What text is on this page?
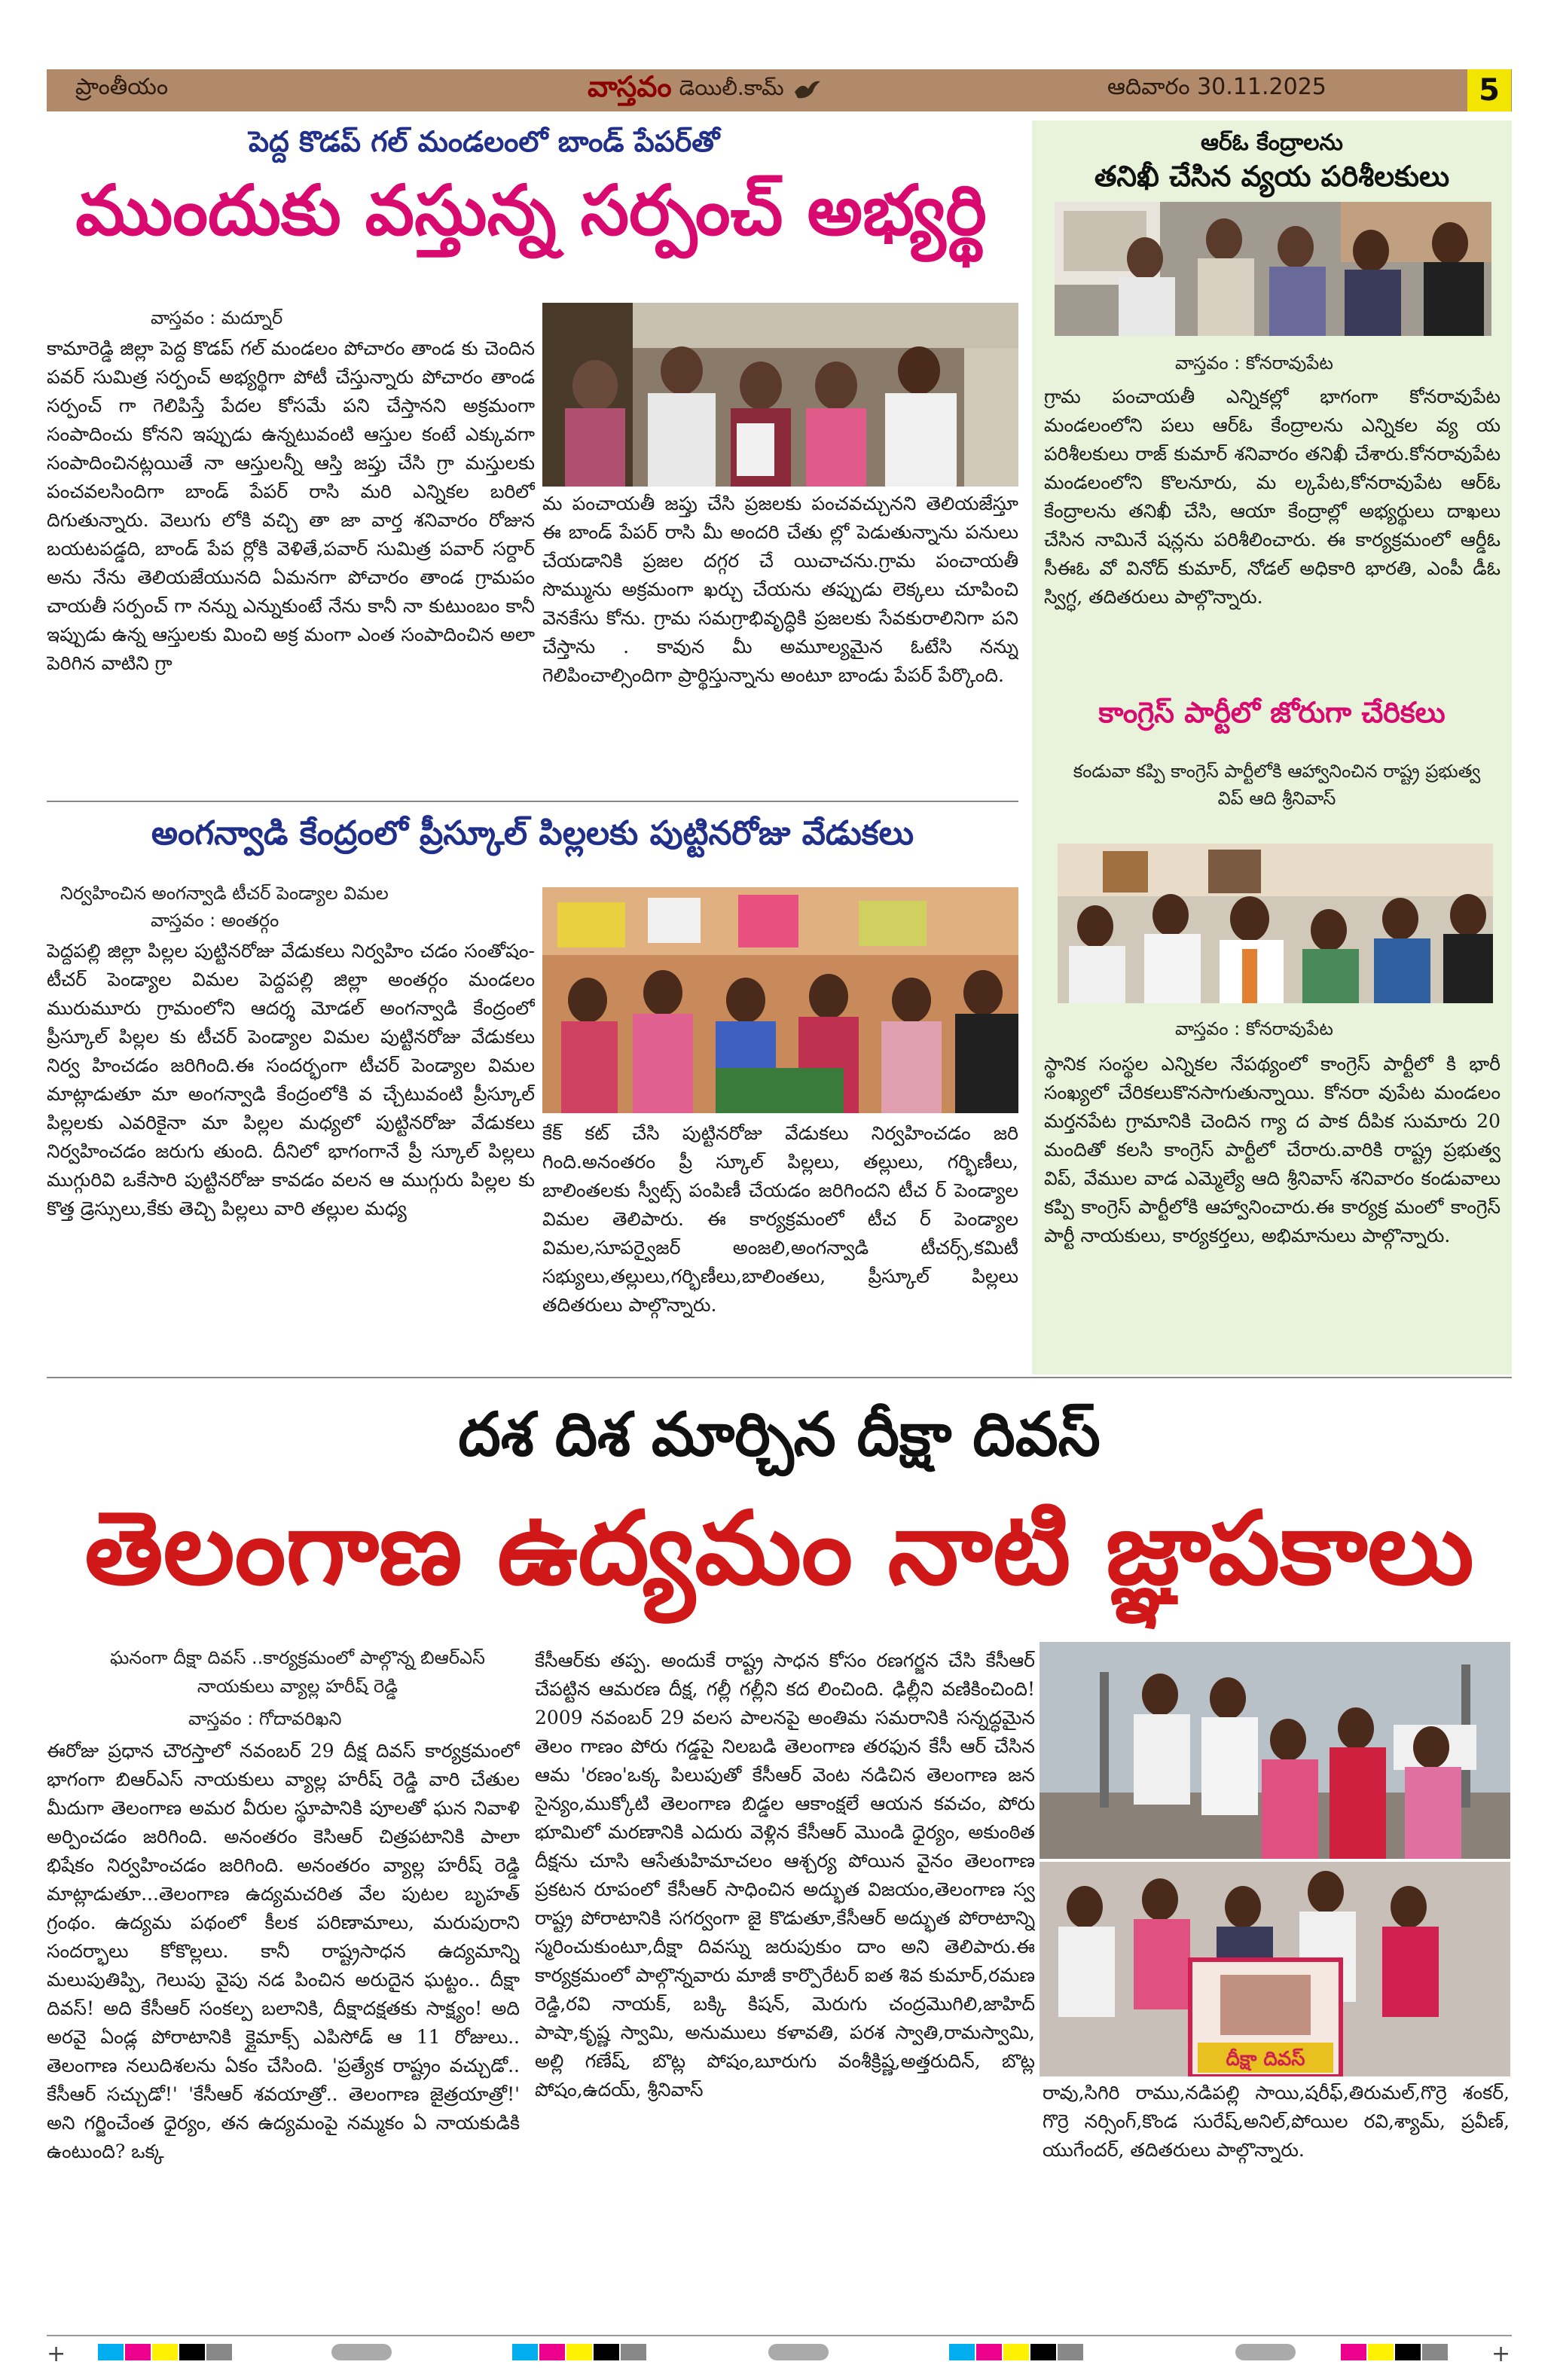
ప్రాంతీయం	వాస్తవం డెయిలీ.కామ్	ఆదివారం 30.11.2025	5
పెద్ద కొడప్ గల్ మండలంలో బాండ్ పేపర్‌తో
ముందుకు వస్తున్న సర్పంచ్ అభ్యర్థి
వాస్తవం : మద్నూర్
కామారెడ్డి జిల్లా పెద్ద కొడప్ గల్ మండలం పోచారం తాండ కు చెందిన పవర్ సుమిత్ర సర్పంచ్ అభ్యర్థిగా పోటీ చేస్తున్నారు పోచారం తాండ సర్పంచ్ గా గెలిపిస్తే పేదల కోసమే పని చేస్తానని అక్రమంగా సంపాదించు కోనని ఇప్పుడు ఉన్నటువంటి ఆస్తుల కంటే ఎక్కువగా సంపాదించినట్లయితే నా ఆస్తులన్నీ ఆస్తి జప్తు చేసి గ్రా మస్తులకు పంచవలసిందిగా బాండ్ పేపర్ రాసి మరి ఎన్నికల బరిలో దిగుతున్నారు. వెలుగు లోకి వచ్చి తా జా వార్త శనివారం రోజున బయటపడ్డది, బాండ్ పేప ర్లోకి వెళితే,పవార్ సుమిత్ర పవార్ సర్దార్ అను నేను తెలియజేయునది ఏమనగా పోచారం తాండ గ్రామపం చాయతీ సర్పంచ్ గా నన్ను ఎన్నుకుంటే నేను కానీ నా కుటుంబం కానీ ఇప్పుడు ఉన్న ఆస్తులకు మించి అక్ర మంగా ఎంత సంపాదించిన అలా పెరిగిన వాటిని గ్రా
మ పంచాయతీ జప్తు చేసి ప్రజలకు పంచవచ్చునని తెలియజేస్తూ ఈ బాండ్ పేపర్ రాసి మీ అందరి చేతు ల్లో పెడుతున్నాను పనులు చేయడానికి ప్రజల దగ్గర చే యిచాచను.గ్రామ పంచాయతీ సొమ్మును అక్రమంగా ఖర్చు చేయను తప్పుడు లెక్కలు చూపించి వెనకేసు కోను. గ్రామ సమగ్రాభివృద్ధికి ప్రజలకు సేవకురాలినిగా పని చేస్తాను . కావున మీ అమూల్యమైన ఓటేసి నన్ను గెలిపించాల్సిందిగా ప్రార్థిస్తున్నాను అంటూ బాండు పేపర్ పేర్కొంది.
అంగన్వాడి కేంద్రంలో ప్రీస్కూల్ పిల్లలకు పుట్టినరోజు వేడుకలు
నిర్వహించిన అంగన్వాడి టీచర్ పెండ్యాల విమల
వాస్తవం : అంతర్గం
పెద్దపల్లి జిల్లా పిల్లల పుట్టినరోజు వేడుకలు నిర్వహిం చడం సంతోషం- టీచర్ పెండ్యాల విమల పెద్దపల్లి జిల్లా అంతర్గం మండలం మురుమూరు గ్రామంలోని ఆదర్శ మోడల్ అంగన్వాడి కేంద్రంలో ప్రీస్కూల్ పిల్లల కు టీచర్ పెండ్యాల విమల పుట్టినరోజు వేడుకలు నిర్వ హించడం జరిగింది.ఈ సందర్భంగా టీచర్ పెండ్యాల విమల మాట్లాడుతూ మా అంగన్వాడి కేంద్రంలోకి వ చ్చేటువంటి ప్రీస్కూల్ పిల్లలకు ఎవరికైనా మా పిల్లల మధ్యలో పుట్టినరోజు వేడుకలు నిర్వహించడం జరుగు తుంది. దీనిలో భాగంగానే ప్రీ స్కూల్ పిల్లలు ముగ్గురివి ఒకేసారి పుట్టినరోజు కావడం వలన ఆ ముగ్గురు పిల్లల కు కొత్త డ్రెస్సులు,కేకు తెచ్చి పిల్లలు వారి తల్లుల మధ్య
కేక్ కట్ చేసి పుట్టినరోజు వేడుకలు నిర్వహించడం జరి గింది.అనంతరం ప్రీ స్కూల్ పిల్లలు, తల్లులు, గర్భిణీలు, బాలింతలకు స్వీట్స్ పంపిణీ చేయడం జరిగిందని టీచ ర్ పెండ్యాల విమల తెలిపారు. ఈ కార్యక్రమంలో టీచ ర్ పెండ్యాల విమల,సూపర్వైజర్ అంజలి,అంగన్వాడి టీచర్స్,కమిటీ సభ్యులు,తల్లులు,గర్భిణీలు,బాలింతలు, ప్రీస్కూల్ పిల్లలు తదితరులు పాల్గొన్నారు.
ఆర్ఓ కేంద్రాలను
తనిఖీ చేసిన వ్యయ పరిశీలకులు
వాస్తవం : కోనరావుపేట
గ్రామ పంచాయతీ ఎన్నికల్లో భాగంగా కోనరావుపేట మండలంలోని పలు ఆర్ఓ కేంద్రాలను ఎన్నికల వ్య య పరిశీలకులు రాజ్ కుమార్ శనివారం తనిఖీ చేశారు.కోనరావుపేట మండలంలోని కొలనూరు, మ ల్కపేట,కోనరావుపేట ఆర్ఓ కేంద్రాలను తనిఖీ చేసి, ఆయా కేంద్రాల్లో అభ్యర్థులు దాఖలు చేసిన నామినే షన్లను పరిశీలించారు. ఈ కార్యక్రమంలో ఆర్డీఓ సీఈఓ వో వినోద్ కుమార్, నోడల్ అధికారి భారతి, ఎంపీ డీఓ స్విగ్ధ, తదితరులు పాల్గొన్నారు.
కాంగ్రెస్ పార్టీలో జోరుగా చేరికలు
కండువా కప్పి కాంగ్రెస్ పార్టీలోకి ఆహ్వానించిన రాష్ట్ర ప్రభుత్వ విప్ ఆది శ్రీనివాస్
వాస్తవం : కోనరావుపేట
స్థానిక సంస్థల ఎన్నికల నేపథ్యంలో కాంగ్రెస్ పార్టీలో కి భారీ సంఖ్యలో చేరికలుకొనసాగుతున్నాయి. కోనరా వుపేట మండలం మర్తనపేట గ్రామానికి చెందిన గ్యా ద పాక దీపిక సుమారు 20 మందితో కలసి కాంగ్రెస్ పార్టీలో చేరారు.వారికి రాష్ట్ర ప్రభుత్వ విప్, వేముల వాడ ఎమ్మెల్యే ఆది శ్రీనివాస్ శనివారం కండువాలు కప్పి కాంగ్రెస్ పార్టీలోకి ఆహ్వానించారు.ఈ కార్యక్ర మంలో కాంగ్రెస్ పార్టీ నాయకులు, కార్యకర్తలు, అభిమానులు పాల్గొన్నారు.
దశ దిశ మార్చిన దీక్షా దివస్
తెలంగాణ ఉద్యమం నాటి జ్ఞాపకాలు
ఘనంగా దీక్షా దివస్ ..కార్యక్రమంలో పాల్గొన్న బిఆర్ఎస్ నాయకులు వ్యాల్ల హరీష్ రెడ్డి
వాస్తవం : గోదావరిఖని
ఈరోజు ప్రధాన చౌరస్తాలో నవంబర్ 29 దీక్ష దివస్ కార్యక్రమంలో భాగంగా బిఆర్ఎస్ నాయకులు వ్యాల్ల హరీష్ రెడ్డి వారి చేతుల మీదుగా తెలంగాణ అమర వీరుల స్థూపానికి పూలతో ఘన నివాళి అర్పించడం జరిగింది. అనంతరం కెసిఆర్ చిత్రపటానికి పాలా భిషేకం నిర్వహించడం జరిగింది. అనంతరం వ్యాల్ల హరీష్ రెడ్డి మాట్లాడుతూ...తెలంగాణ ఉద్యమచరిత వేల పుటల బృహత్ గ్రంథం. ఉద్యమ పథంలో కీలక పరిణామాలు, మరుపురాని సందర్భాలు కోకొల్లలు. కానీ రాష్ట్రసాధన ఉద్యమాన్ని మలుపుతిప్పి, గెలుపు వైపు నడ పించిన అరుదైన ఘట్టం.. దీక్షా దివస్! అది కేసీఆర్ సంకల్ప బలానికి, దీక్షాదక్షతకు సాక్ష్యం! అది అరవై ఏండ్ల పోరాటానికి క్లైమాక్స్ ఎపిసోడ్ ఆ 11 రోజులు.. తెలంగాణ నలుదిశలను ఏకం చేసింది. 'ప్రత్యేక రాష్ట్రం వచ్చుడో.. కేసీఆర్ సచ్చుడో!' 'కేసీఆర్ శవయాత్రో.. తెలంగాణ జైత్రయాత్రో!' అని గర్జించేంత ధైర్యం, తన ఉద్యమంపై నమ్మకం ఏ నాయకుడికి ఉంటుంది? ఒక్క
కేసీఆర్‌కు తప్ప. అందుకే రాష్ట్ర సాధన కోసం రణగర్జన చేసి కేసీఆర్ చేపట్టిన ఆమరణ దీక్ష, గల్లీ గల్లీని కద లించింది. ఢిల్లీని వణికించింది! 2009 నవంబర్ 29 వలస పాలనపై అంతిమ సమరానికి సన్నద్ధమైన తెలం గాణం పోరు గడ్డపై నిలబడి తెలంగాణ తరఫున కేసీ ఆర్ చేసిన ఆమ 'రణం'ఒక్క పిలుపుతో కేసీఆర్ వెంట నడిచిన తెలంగాణ జన సైన్యం,ముక్కోటి తెలంగాణ బిడ్డల ఆకాంక్షలే ఆయన కవచం, పోరు భూమిలో మరణానికి ఎదురు వెళ్లిన కేసీఆర్ మొండి ధైర్యం, అకుంఠిత దీక్షను చూసి ఆసేతుహిమాచలం ఆశ్చర్య పోయిన వైనం తెలంగాణ ప్రకటన రూపంలో కేసీఆర్ సాధించిన అద్భుత విజయం,తెలంగాణ స్వ రాష్ట్ర పోరాటానికి సగర్వంగా జై కొడుతూ,కేసీఆర్ అద్భుత పోరాటాన్ని స్మరించుకుంటూ,దీక్షా దివస్ను జరుపుకుం దాం అని తెలిపారు.ఈ కార్యక్రమంలో పాల్గొన్నవారు మాజీ కార్పొరేటర్ ఐత శివ కుమార్,రమణ రెడ్డి,రవి నాయక్, బక్కి కిషన్, మెరుగు చంద్రమొగిలి,జాహిద్ పాషా,కృష్ణ స్వామి, అనుములు కళావతి, పరశ స్వాతి,రామస్వామి, అల్లి గణేష్, బొట్ల పోషం,బూరుగు వంశీక్రిష్ణ,అత్తరుదిన్, బొట్ల పోషం,ఉదయ్, శ్రీనివాస్
దీక్షా దివస్
రావు,సిగిరి రాము,నడిపల్లి సాయి,షరీఫ్,తిరుమల్,గొర్రె శంకర్, గొర్రె నర్సింగ్,కొండ సురేష్,అనిల్,పోయిల రవి,శ్యామ్, ప్రవీణ్, యుగేందర్, తదితరులు పాల్గొన్నారు.
+	+
